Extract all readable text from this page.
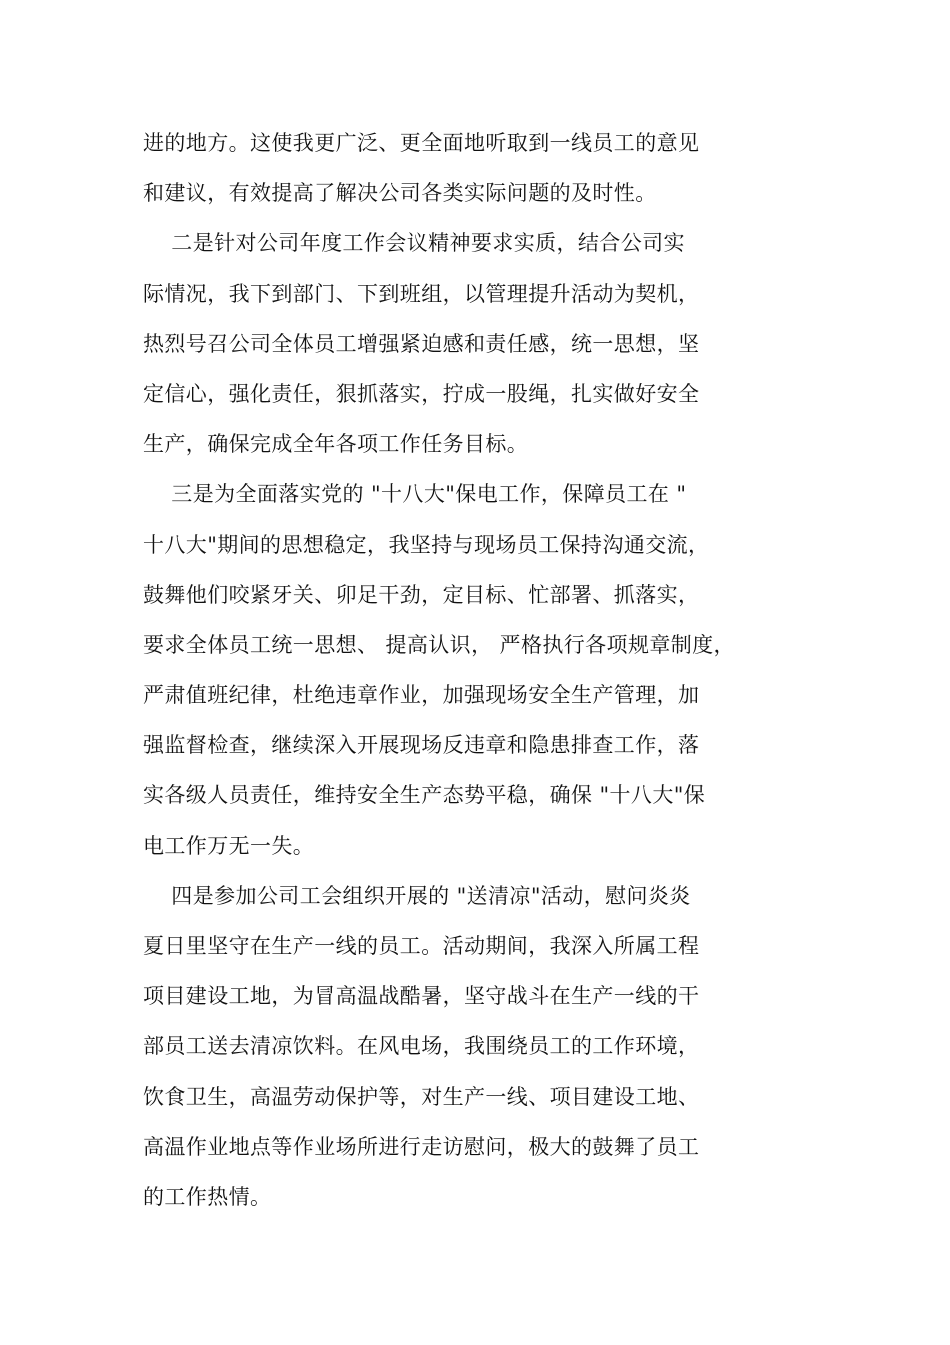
进的地方。这使我更广泛、更全面地听取到一线员工的意见
和建议，有效提高了解决公司各类实际问题的及时性。
二是针对公司年度工作会议精神要求实质，结合公司实
际情况，我下到部门、下到班组，以管理提升活动为契机，
热烈号召公司全体员工增强紧迫感和责任感，统一思想，坚
定信心，强化责任，狠抓落实，拧成一股绳，扎实做好安全
生产，确保完成全年各项工作任务目标。
三是为全面落实党的 "十八大"保电工作，保障员工在 "
十八大"期间的思想稳定，我坚持与现场员工保持沟通交流，
鼓舞他们咬紧牙关、卯足干劲，定目标、忙部署、抓落实，
要求全体员工统一思想、 提高认识， 严格执行各项规章制度，
严肃值班纪律，杜绝违章作业，加强现场安全生产管理，加
强监督检查，继续深入开展现场反违章和隐患排查工作，落
实各级人员责任，维持安全生产态势平稳，确保 "十八大"保
电工作万无一失。
四是参加公司工会组织开展的 "送清凉"活动，慰问炎炎
夏日里坚守在生产一线的员工。活动期间，我深入所属工程
项目建设工地，为冒高温战酷暑，坚守战斗在生产一线的干
部员工送去清凉饮料。在风电场，我围绕员工的工作环境，
饮食卫生，高温劳动保护等，对生产一线、项目建设工地、
高温作业地点等作业场所进行走访慰问，极大的鼓舞了员工
的工作热情。
